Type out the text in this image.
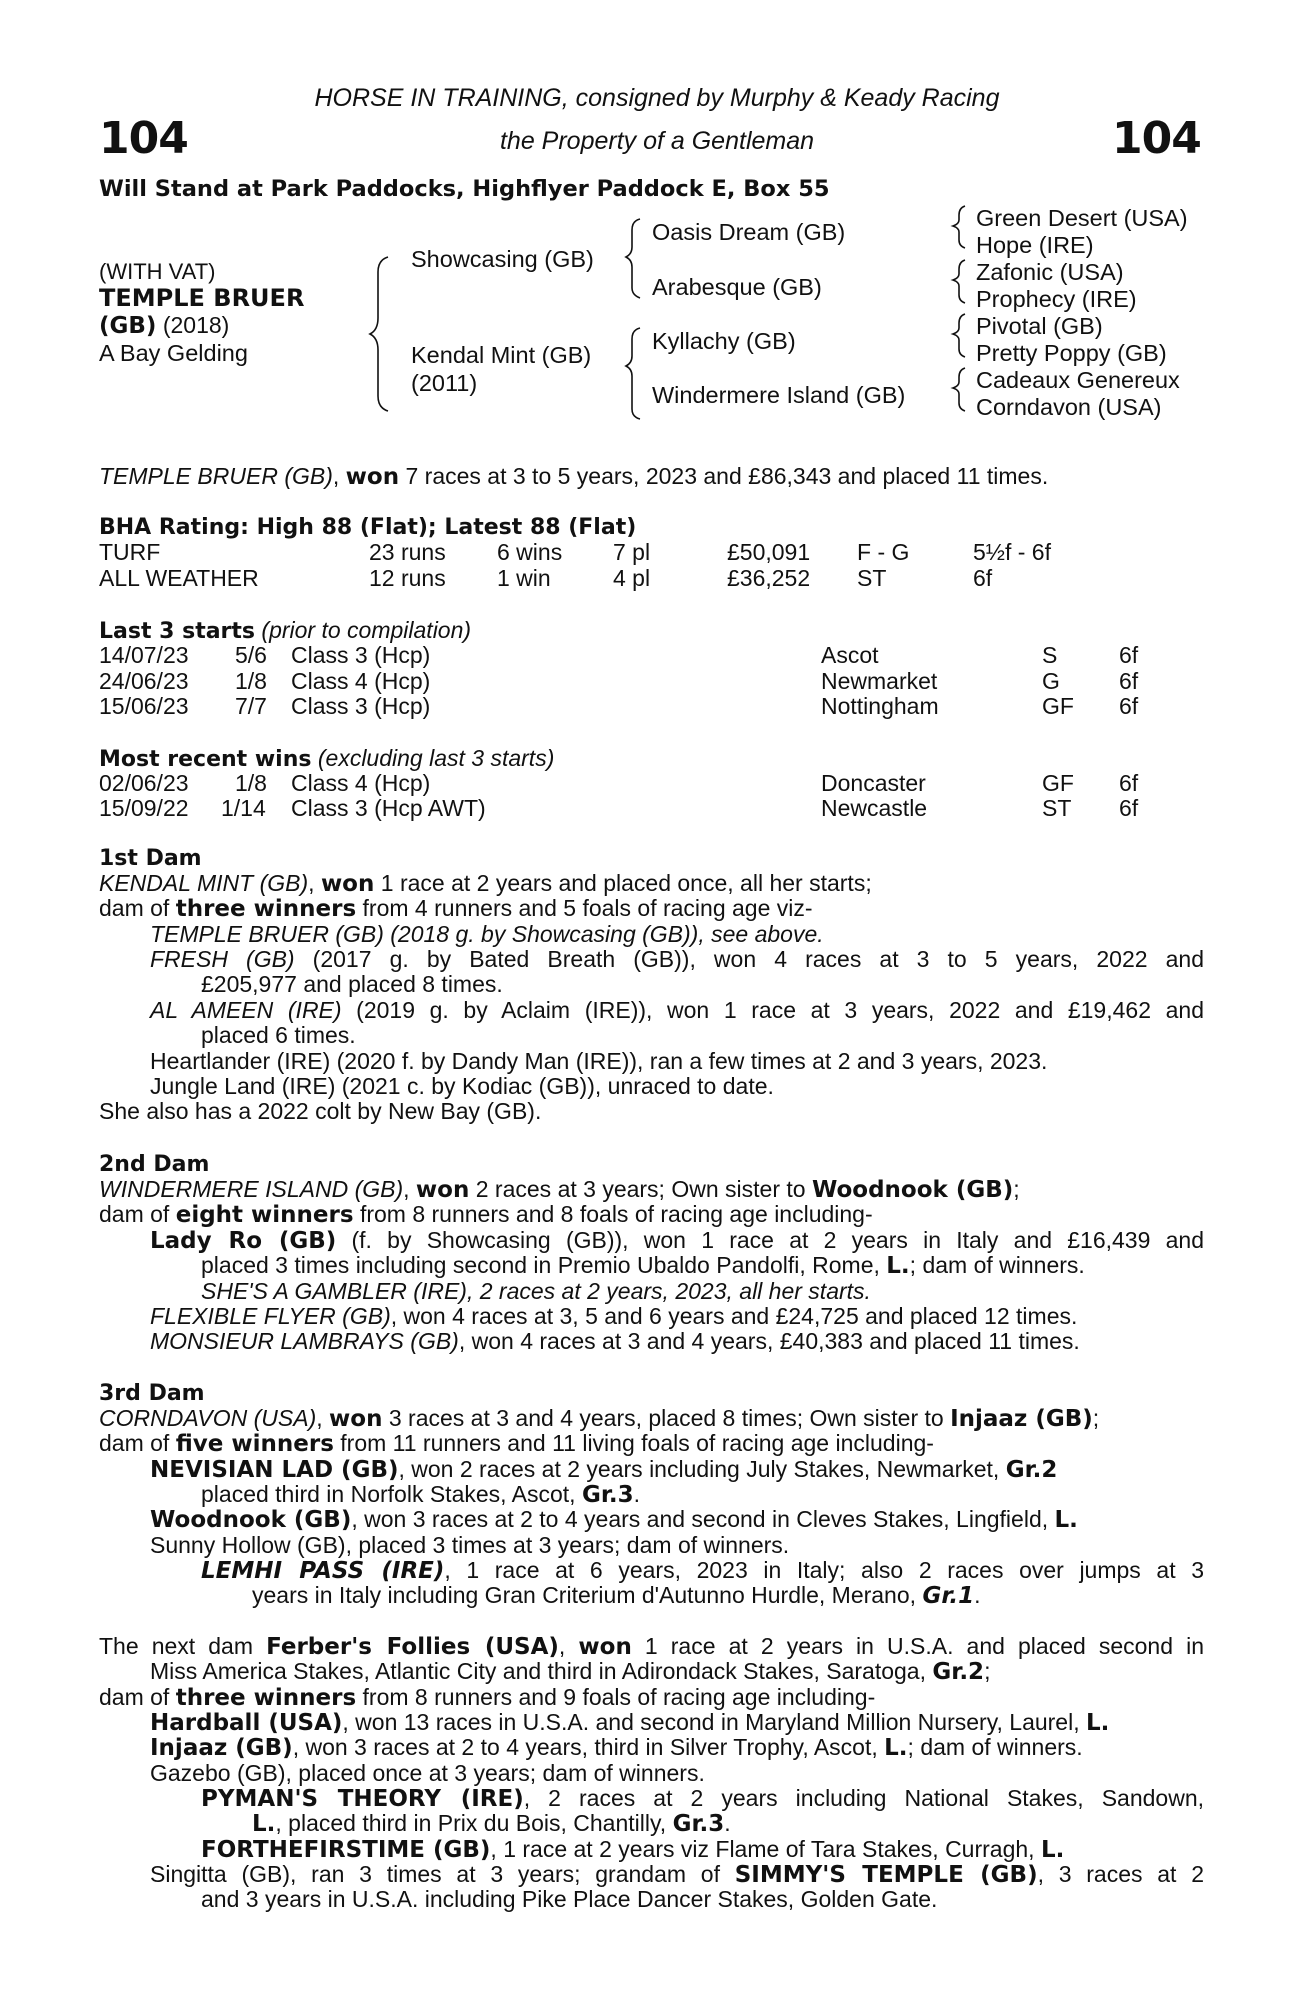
104	104
HORSE IN TRAINING, consigned by Murphy & Keady Racing
the Property of a Gentleman
Will Stand at Park Paddocks, Highflyer Paddock E, Box 55
(WITH VAT)
TEMPLE BRUER
(GB) (2018)
A Bay Gelding
Showcasing (GB)
Kendal Mint (GB)
(2011)
Oasis Dream (GB)
Arabesque (GB)
Kyllachy (GB)
Windermere Island (GB)
Green Desert (USA)
Hope (IRE)
Zafonic (USA)
Prophecy (IRE)
Pivotal (GB)
Pretty Poppy (GB)
Cadeaux Genereux
Corndavon (USA)
TEMPLE BRUER (GB), won 7 races at 3 to 5 years, 2023 and £86,343 and placed 11 times.
BHA Rating: High 88 (Flat); Latest 88 (Flat)
TURF	23 runs 6 wins 7 pl	£50,091 F - G	5½f - 6f
ALL WEATHER	12 runs 1 win	4 pl	£36,252 ST	6f
Last 3 starts (prior to compilation)
14/07/23 5/6 Class 3 (Hcp)	Ascot	S	6f
24/06/23 1/8 Class 4 (Hcp)	Newmarket	G	6f
15/06/23 7/7 Class 3 (Hcp)	Nottingham	GF 6f
Most recent wins (excluding last 3 starts)
02/06/23 1/8 Class 4 (Hcp)	Doncaster	GF 6f
15/09/22 1/14 Class 3 (Hcp AWT)	Newcastle	ST 6f
1st Dam
KENDAL MINT (GB), won 1 race at 2 years and placed once, all her starts;
dam of three winners from 4 runners and 5 foals of racing age viz-
TEMPLE BRUER (GB) (2018 g. by Showcasing (GB)), see above.
FRESH (GB) (2017 g. by Bated Breath (GB)), won 4 races at 3 to 5 years, 2022 and
£205,977 and placed 8 times.
AL AMEEN (IRE) (2019 g. by Aclaim (IRE)), won 1 race at 3 years, 2022 and £19,462 and
placed 6 times.
Heartlander (IRE) (2020 f. by Dandy Man (IRE)), ran a few times at 2 and 3 years, 2023.
Jungle Land (IRE) (2021 c. by Kodiac (GB)), unraced to date.
She also has a 2022 colt by New Bay (GB).
2nd Dam
WINDERMERE ISLAND (GB), won 2 races at 3 years; Own sister to Woodnook (GB);
dam of eight winners from 8 runners and 8 foals of racing age including-
Lady Ro (GB) (f. by Showcasing (GB)), won 1 race at 2 years in Italy and £16,439 and
placed 3 times including second in Premio Ubaldo Pandolfi, Rome, L.; dam of winners.
SHE'S A GAMBLER (IRE), 2 races at 2 years, 2023, all her starts.
FLEXIBLE FLYER (GB), won 4 races at 3, 5 and 6 years and £24,725 and placed 12 times.
MONSIEUR LAMBRAYS (GB), won 4 races at 3 and 4 years, £40,383 and placed 11 times.
3rd Dam
CORNDAVON (USA), won 3 races at 3 and 4 years, placed 8 times; Own sister to Injaaz (GB);
dam of five winners from 11 runners and 11 living foals of racing age including-
NEVISIAN LAD (GB), won 2 races at 2 years including July Stakes, Newmarket, Gr.2
placed third in Norfolk Stakes, Ascot, Gr.3.
Woodnook (GB), won 3 races at 2 to 4 years and second in Cleves Stakes, Lingfield, L.
Sunny Hollow (GB), placed 3 times at 3 years; dam of winners.
LEMHI PASS (IRE), 1 race at 6 years, 2023 in Italy; also 2 races over jumps at 3
years in Italy including Gran Criterium d'Autunno Hurdle, Merano, Gr.1.
The next dam Ferber's Follies (USA), won 1 race at 2 years in U.S.A. and placed second in
Miss America Stakes, Atlantic City and third in Adirondack Stakes, Saratoga, Gr.2;
dam of three winners from 8 runners and 9 foals of racing age including-
Hardball (USA), won 13 races in U.S.A. and second in Maryland Million Nursery, Laurel, L.
Injaaz (GB), won 3 races at 2 to 4 years, third in Silver Trophy, Ascot, L.; dam of winners.
Gazebo (GB), placed once at 3 years; dam of winners.
PYMAN'S THEORY (IRE), 2 races at 2 years including National Stakes, Sandown,
L., placed third in Prix du Bois, Chantilly, Gr.3.
FORTHEFIRSTIME (GB), 1 race at 2 years viz Flame of Tara Stakes, Curragh, L.
Singitta (GB), ran 3 times at 3 years; grandam of SIMMY'S TEMPLE (GB), 3 races at 2
and 3 years in U.S.A. including Pike Place Dancer Stakes, Golden Gate.
